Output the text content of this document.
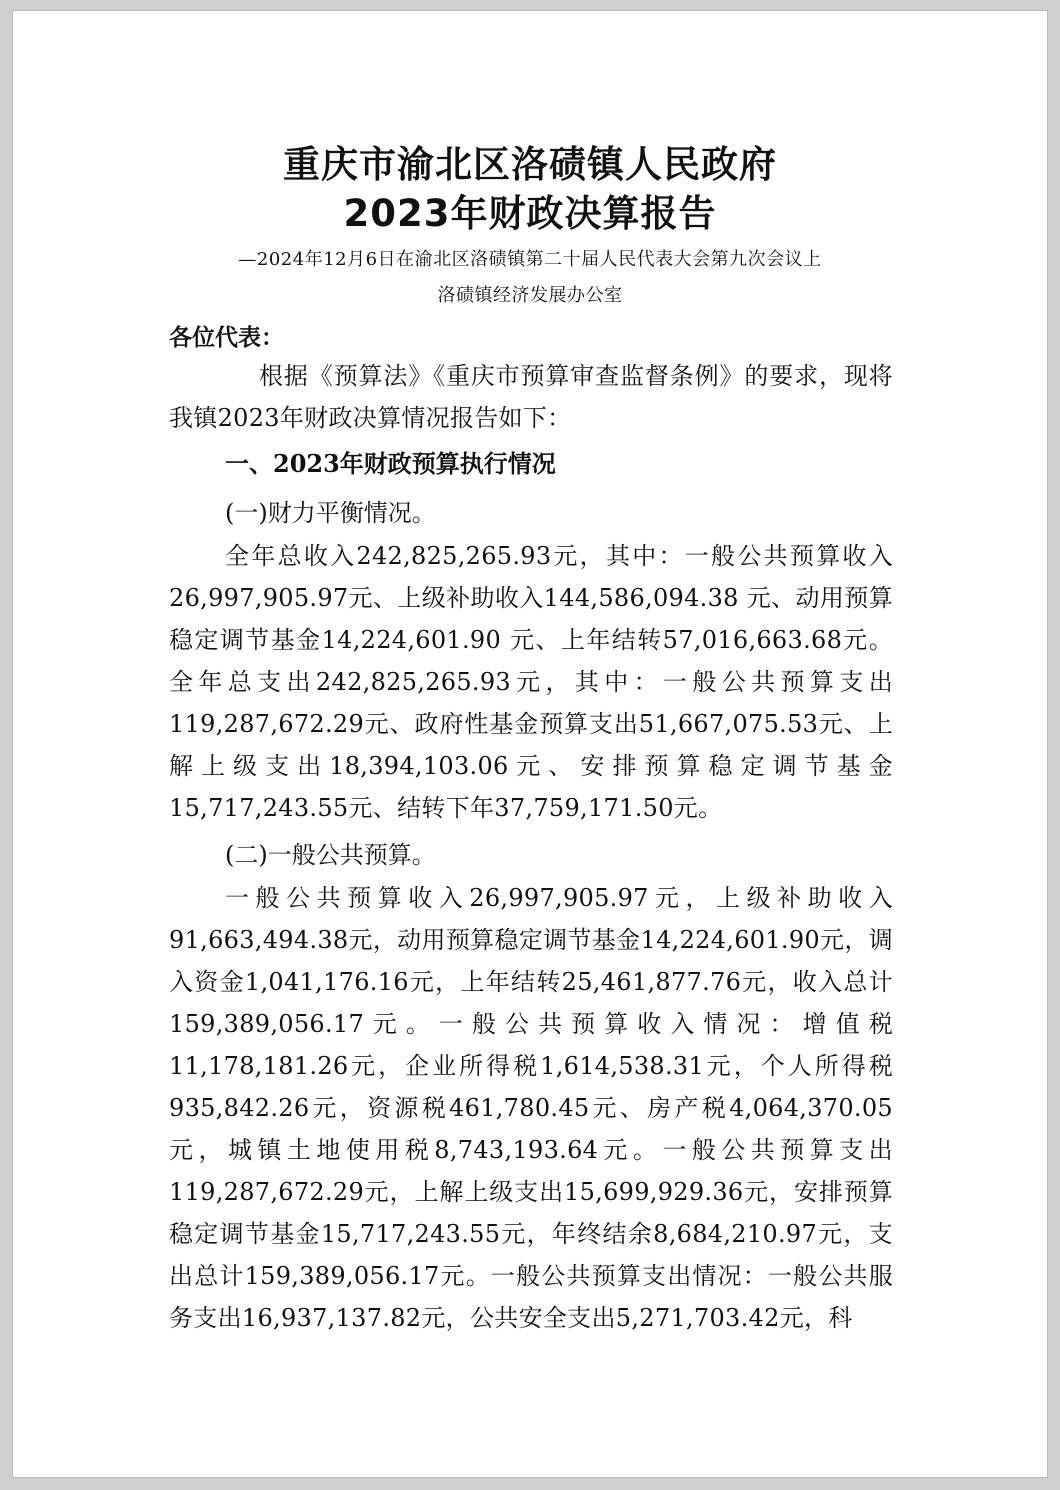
重庆市渝北区洛碛镇人民政府
2023年财政决算报告
—2024年12月6日在渝北区洛碛镇第二十届人民代表大会第九次会议上
洛碛镇经济发展办公室
各位代表：

根据《预算法》《重庆市预算审查监督条例》的要求，现将我镇2023年财政决算情况报告如下：

一、2023年财政预算执行情况
(一)财力平衡情况。

全年总收入242,825,265.93元，其中：一般公共预算收入26,997,905.97元、上级补助收入144,586,094.38 元、动用预算稳定调节基金14,224,601.90 元、上年结转57,016,663.68元。全年总支出242,825,265.93元，其中：一般公共预算支出119,287,672.29元、政府性基金预算支出51,667,075.53元、上解上级支出18,394,103.06元、安排预算稳定调节基金15,717,243.55元、结转下年37,759,171.50元。

(二)一般公共预算。

一般公共预算收入26,997,905.97元，上级补助收入91,663,494.38元，动用预算稳定调节基金14,224,601.90元，调入资金1,041,176.16元，上年结转25,461,877.76元，收入总计159,389,056.17元。一般公共预算收入情况：增值税11,178,181.26元，企业所得税1,614,538.31元，个人所得税935,842.26元，资源税461,780.45元、房产税4,064,370.05元，城镇土地使用税8,743,193.64元。一般公共预算支出119,287,672.29元，上解上级支出15,699,929.36元，安排预算稳定调节基金15,717,243.55元，年终结余8,684,210.97元，支出总计159,389,056.17元。一般公共预算支出情况：一般公共服务支出16,937,137.82元，公共安全支出5,271,703.42元，科
